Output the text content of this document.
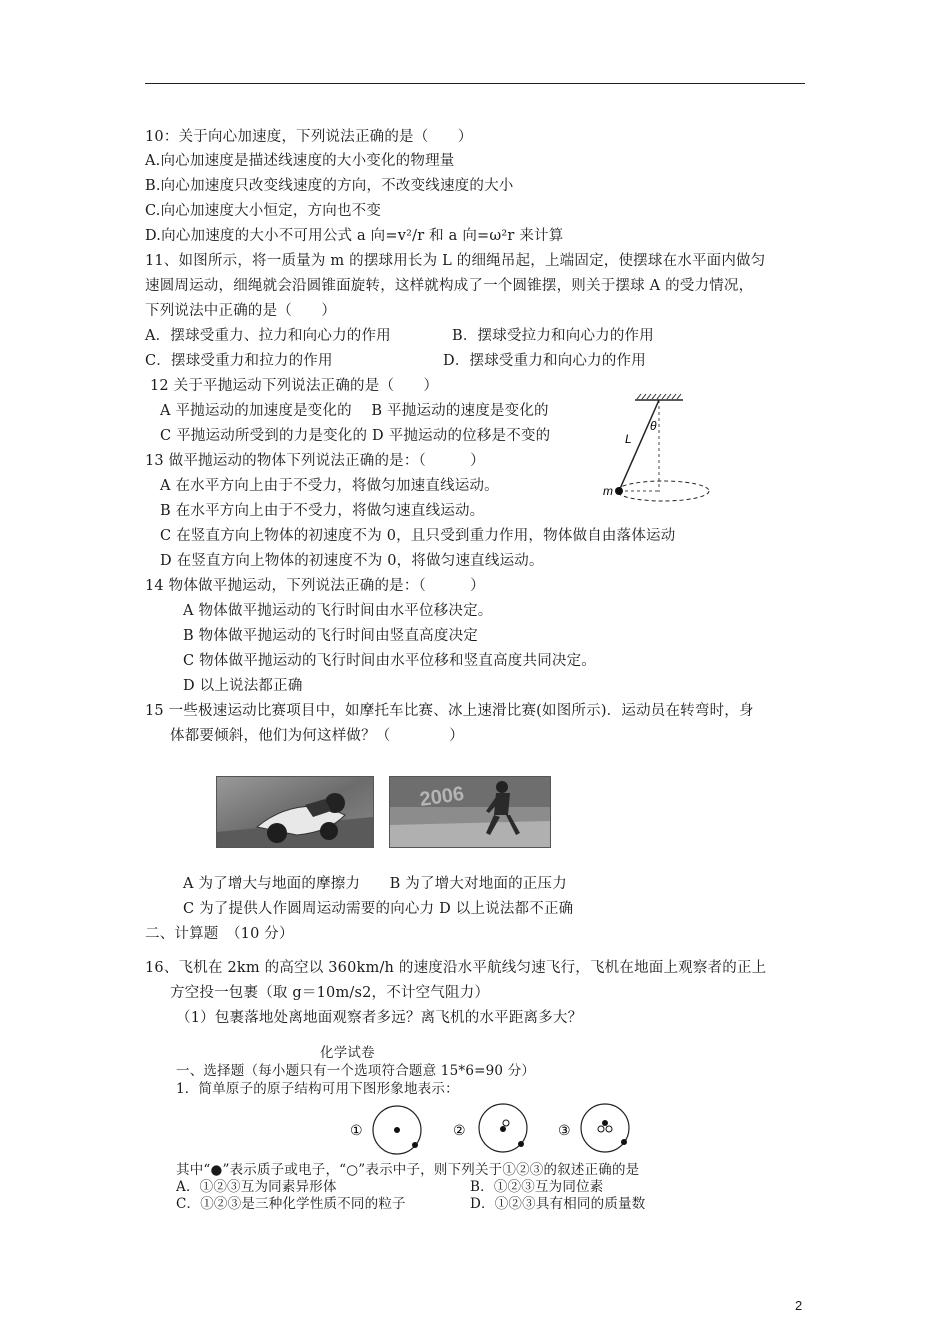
10：关于向心加速度，下列说法正确的是（　　）
A.向心加速度是描述线速度的大小变化的物理量
B.向心加速度只改变线速度的方向，不改变线速度的大小
C.向心加速度大小恒定，方向也不变
D.向心加速度的大小不可用公式 a 向=v²/r 和 a 向=ω²r 来计算
11、如图所示，将一质量为 m 的摆球用长为 L 的细绳吊起，上端固定，使摆球在水平面内做匀
速圆周运动，细绳就会沿圆锥面旋转，这样就构成了一个圆锥摆，则关于摆球 A 的受力情况，
下列说法中正确的是（　　）
A．摆球受重力、拉力和向心力的作用	B．摆球受拉力和向心力的作用
C．摆球受重力和拉力的作用	D．摆球受重力和向心力的作用
12 关于平抛运动下列说法正确的是（　　）
A 平抛运动的加速度是变化的　 B 平抛运动的速度是变化的
C 平抛运动所受到的力是变化的 D 平抛运动的位移是不变的
θ
L
m
13 做平抛运动的物体下列说法正确的是：（　　　）
A 在水平方向上由于不受力，将做匀加速直线运动。
B 在水平方向上由于不受力，将做匀速直线运动。
C 在竖直方向上物体的初速度不为 0，且只受到重力作用，物体做自由落体运动
D 在竖直方向上物体的初速度不为 0，将做匀速直线运动。
14 物体做平抛运动，下列说法正确的是：（　　　）
A 物体做平抛运动的飞行时间由水平位移决定。
B 物体做平抛运动的飞行时间由竖直高度决定
C 物体做平抛运动的飞行时间由水平位移和竖直高度共同决定。
D 以上说法都正确
15 一些极速运动比赛项目中，如摩托车比赛、冰上速滑比赛(如图所示)．运动员在转弯时，身
体都要倾斜，他们为何这样做？（　　　　）
2006
A 为了增大与地面的摩擦力　　B 为了增大对地面的正压力
C 为了提供人作圆周运动需要的向心力 D 以上说法都不正确
二、计算题　（10 分）
16、飞机在 2km 的高空以 360km/h 的速度沿水平航线匀速飞行，飞机在地面上观察者的正上
方空投一包裹（取 g＝10m/s2，不计空气阻力）
（1）包裹落地处离地面观察者多远？离飞机的水平距离多大？
化学试卷
一、选择题（每小题只有一个选项符合题意 15*6=90 分）
1．简单原子的原子结构可用下图形象地表示：
①	②	③
其中“●”表示质子或电子，“○”表示中子，则下列关于①②③的叙述正确的是
A．①②③互为同素异形体	B．①②③互为同位素
C．①②③是三种化学性质不同的粒子	D．①②③具有相同的质量数
2
